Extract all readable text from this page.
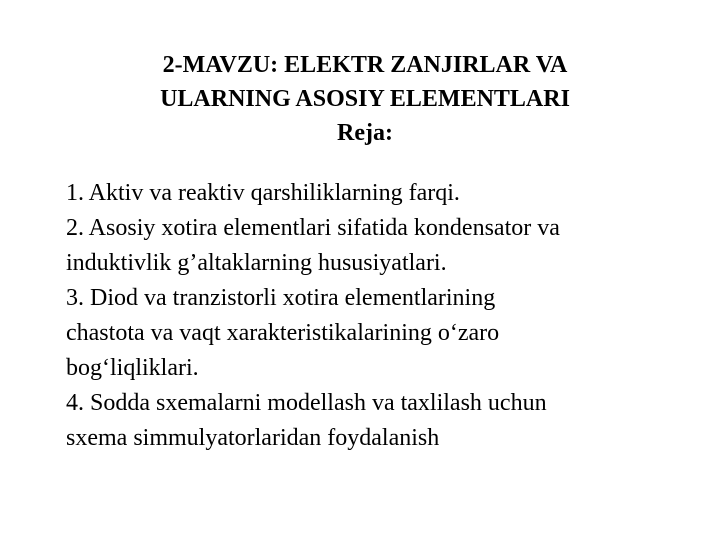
2-MAVZU: ELEKTR ZANJIRLAR VA
ULARNING ASOSIY ELEMENTLARI
Reja:
1. Aktiv va reaktiv qarshiliklarning farqi.
2. Asosiy xotira elementlari sifatida kondensator va
induktivlik g’altaklarning hususiyatlari.
3. Diod va tranzistorli xotira elementlarining
chastota va vaqt xarakteristikalarining o‘zaro
bog‘liqliklari.
4. Sodda sxemalarni modellash va taxlilash uchun
sxema simmulyatorlaridan foydalanish
